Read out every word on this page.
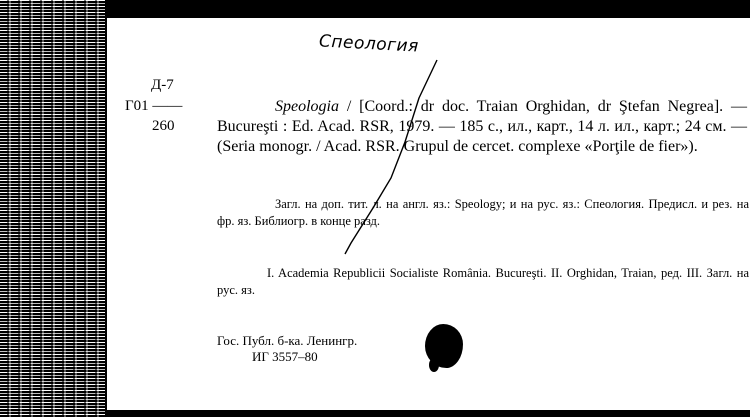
Спеология
Д-7
Г01 ——
260
Speologia / [Coord.: dr doc. Traian Orghidan, dr Ştefan Negrea]. — Bucureşti : Ed. Acad. RSR, 1979. — 185 с., ил., карт., 14 л. ил., карт.; 24 см. — (Seria monogr. / Acad. RSR. Grupul de cercet. complexe «Porţile de fier»).
Загл. на доп. тит. л. на англ. яз.: Speology; и на рус. яз.: Спеология. Предисл. и рез. на фр. яз. Библиогр. в конце разд.
I. Academia Republicii Socialiste România. Bucureşti. II. Orghidan, Traian, ред. III. Загл. на рус. яз.
Гос. Публ. б-ка. Ленингр.
ИГ 3557–80
